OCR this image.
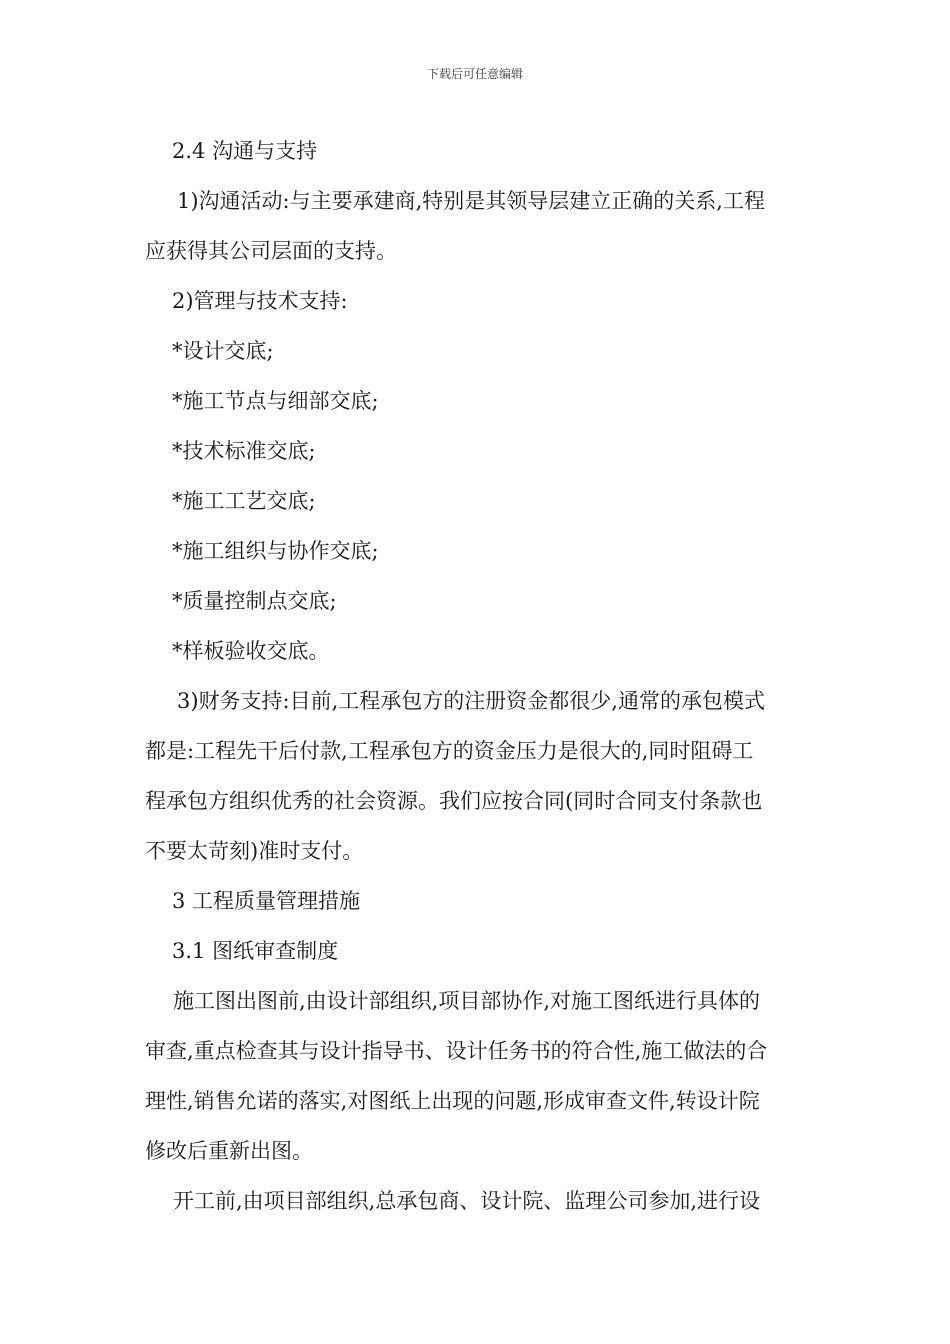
下载后可任意编辑
2.4 沟通与支持
1)沟通活动:与主要承建商,特别是其领导层建立正确的关系,工程
应获得其公司层面的支持。
2)管理与技术支持:
*设计交底;
*施工节点与细部交底;
*技术标准交底;
*施工工艺交底;
*施工组织与协作交底;
*质量控制点交底;
*样板验收交底。
3)财务支持:目前,工程承包方的注册资金都很少,通常的承包模式
都是:工程先干后付款,工程承包方的资金压力是很大的,同时阻碍工
程承包方组织优秀的社会资源。我们应按合同(同时合同支付条款也
不要太苛刻)准时支付。
3 工程质量管理措施
3.1 图纸审查制度
施工图出图前,由设计部组织,项目部协作,对施工图纸进行具体的
审查,重点检查其与设计指导书、设计任务书的符合性,施工做法的合
理性,销售允诺的落实,对图纸上出现的问题,形成审查文件,转设计院
修改后重新出图。
开工前,由项目部组织,总承包商、设计院、监理公司参加,进行设
